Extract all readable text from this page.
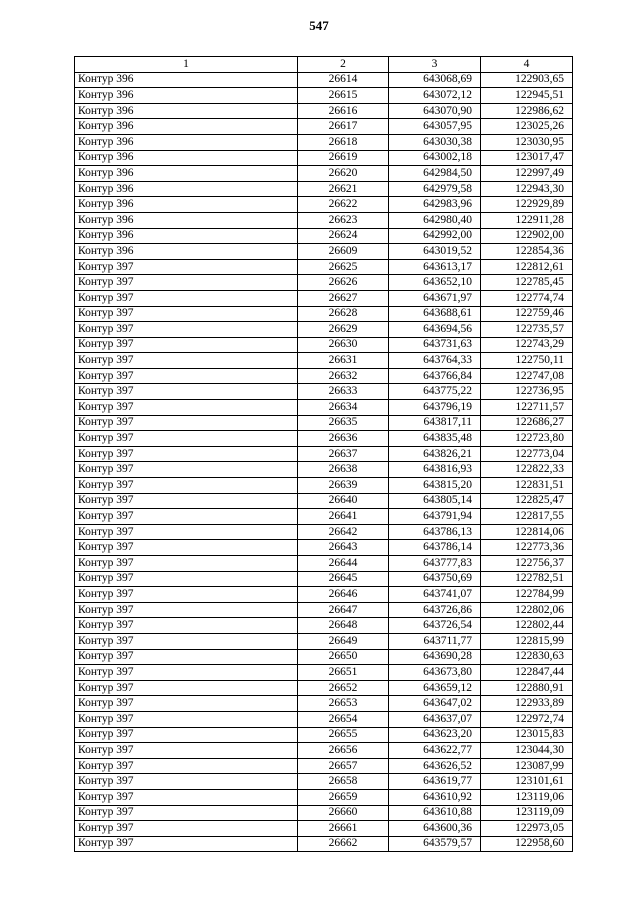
547
1	2	3	4
Контур 396	26614	643068,69	122903,65
Контур 396	26615	643072,12	122945,51
Контур 396	26616	643070,90	122986,62
Контур 396	26617	643057,95	123025,26
Контур 396	26618	643030,38	123030,95
Контур 396	26619	643002,18	123017,47
Контур 396	26620	642984,50	122997,49
Контур 396	26621	642979,58	122943,30
Контур 396	26622	642983,96	122929,89
Контур 396	26623	642980,40	122911,28
Контур 396	26624	642992,00	122902,00
Контур 396	26609	643019,52	122854,36
Контур 397	26625	643613,17	122812,61
Контур 397	26626	643652,10	122785,45
Контур 397	26627	643671,97	122774,74
Контур 397	26628	643688,61	122759,46
Контур 397	26629	643694,56	122735,57
Контур 397	26630	643731,63	122743,29
Контур 397	26631	643764,33	122750,11
Контур 397	26632	643766,84	122747,08
Контур 397	26633	643775,22	122736,95
Контур 397	26634	643796,19	122711,57
Контур 397	26635	643817,11	122686,27
Контур 397	26636	643835,48	122723,80
Контур 397	26637	643826,21	122773,04
Контур 397	26638	643816,93	122822,33
Контур 397	26639	643815,20	122831,51
Контур 397	26640	643805,14	122825,47
Контур 397	26641	643791,94	122817,55
Контур 397	26642	643786,13	122814,06
Контур 397	26643	643786,14	122773,36
Контур 397	26644	643777,83	122756,37
Контур 397	26645	643750,69	122782,51
Контур 397	26646	643741,07	122784,99
Контур 397	26647	643726,86	122802,06
Контур 397	26648	643726,54	122802,44
Контур 397	26649	643711,77	122815,99
Контур 397	26650	643690,28	122830,63
Контур 397	26651	643673,80	122847,44
Контур 397	26652	643659,12	122880,91
Контур 397	26653	643647,02	122933,89
Контур 397	26654	643637,07	122972,74
Контур 397	26655	643623,20	123015,83
Контур 397	26656	643622,77	123044,30
Контур 397	26657	643626,52	123087,99
Контур 397	26658	643619,77	123101,61
Контур 397	26659	643610,92	123119,06
Контур 397	26660	643610,88	123119,09
Контур 397	26661	643600,36	122973,05
Контур 397	26662	643579,57	122958,60
